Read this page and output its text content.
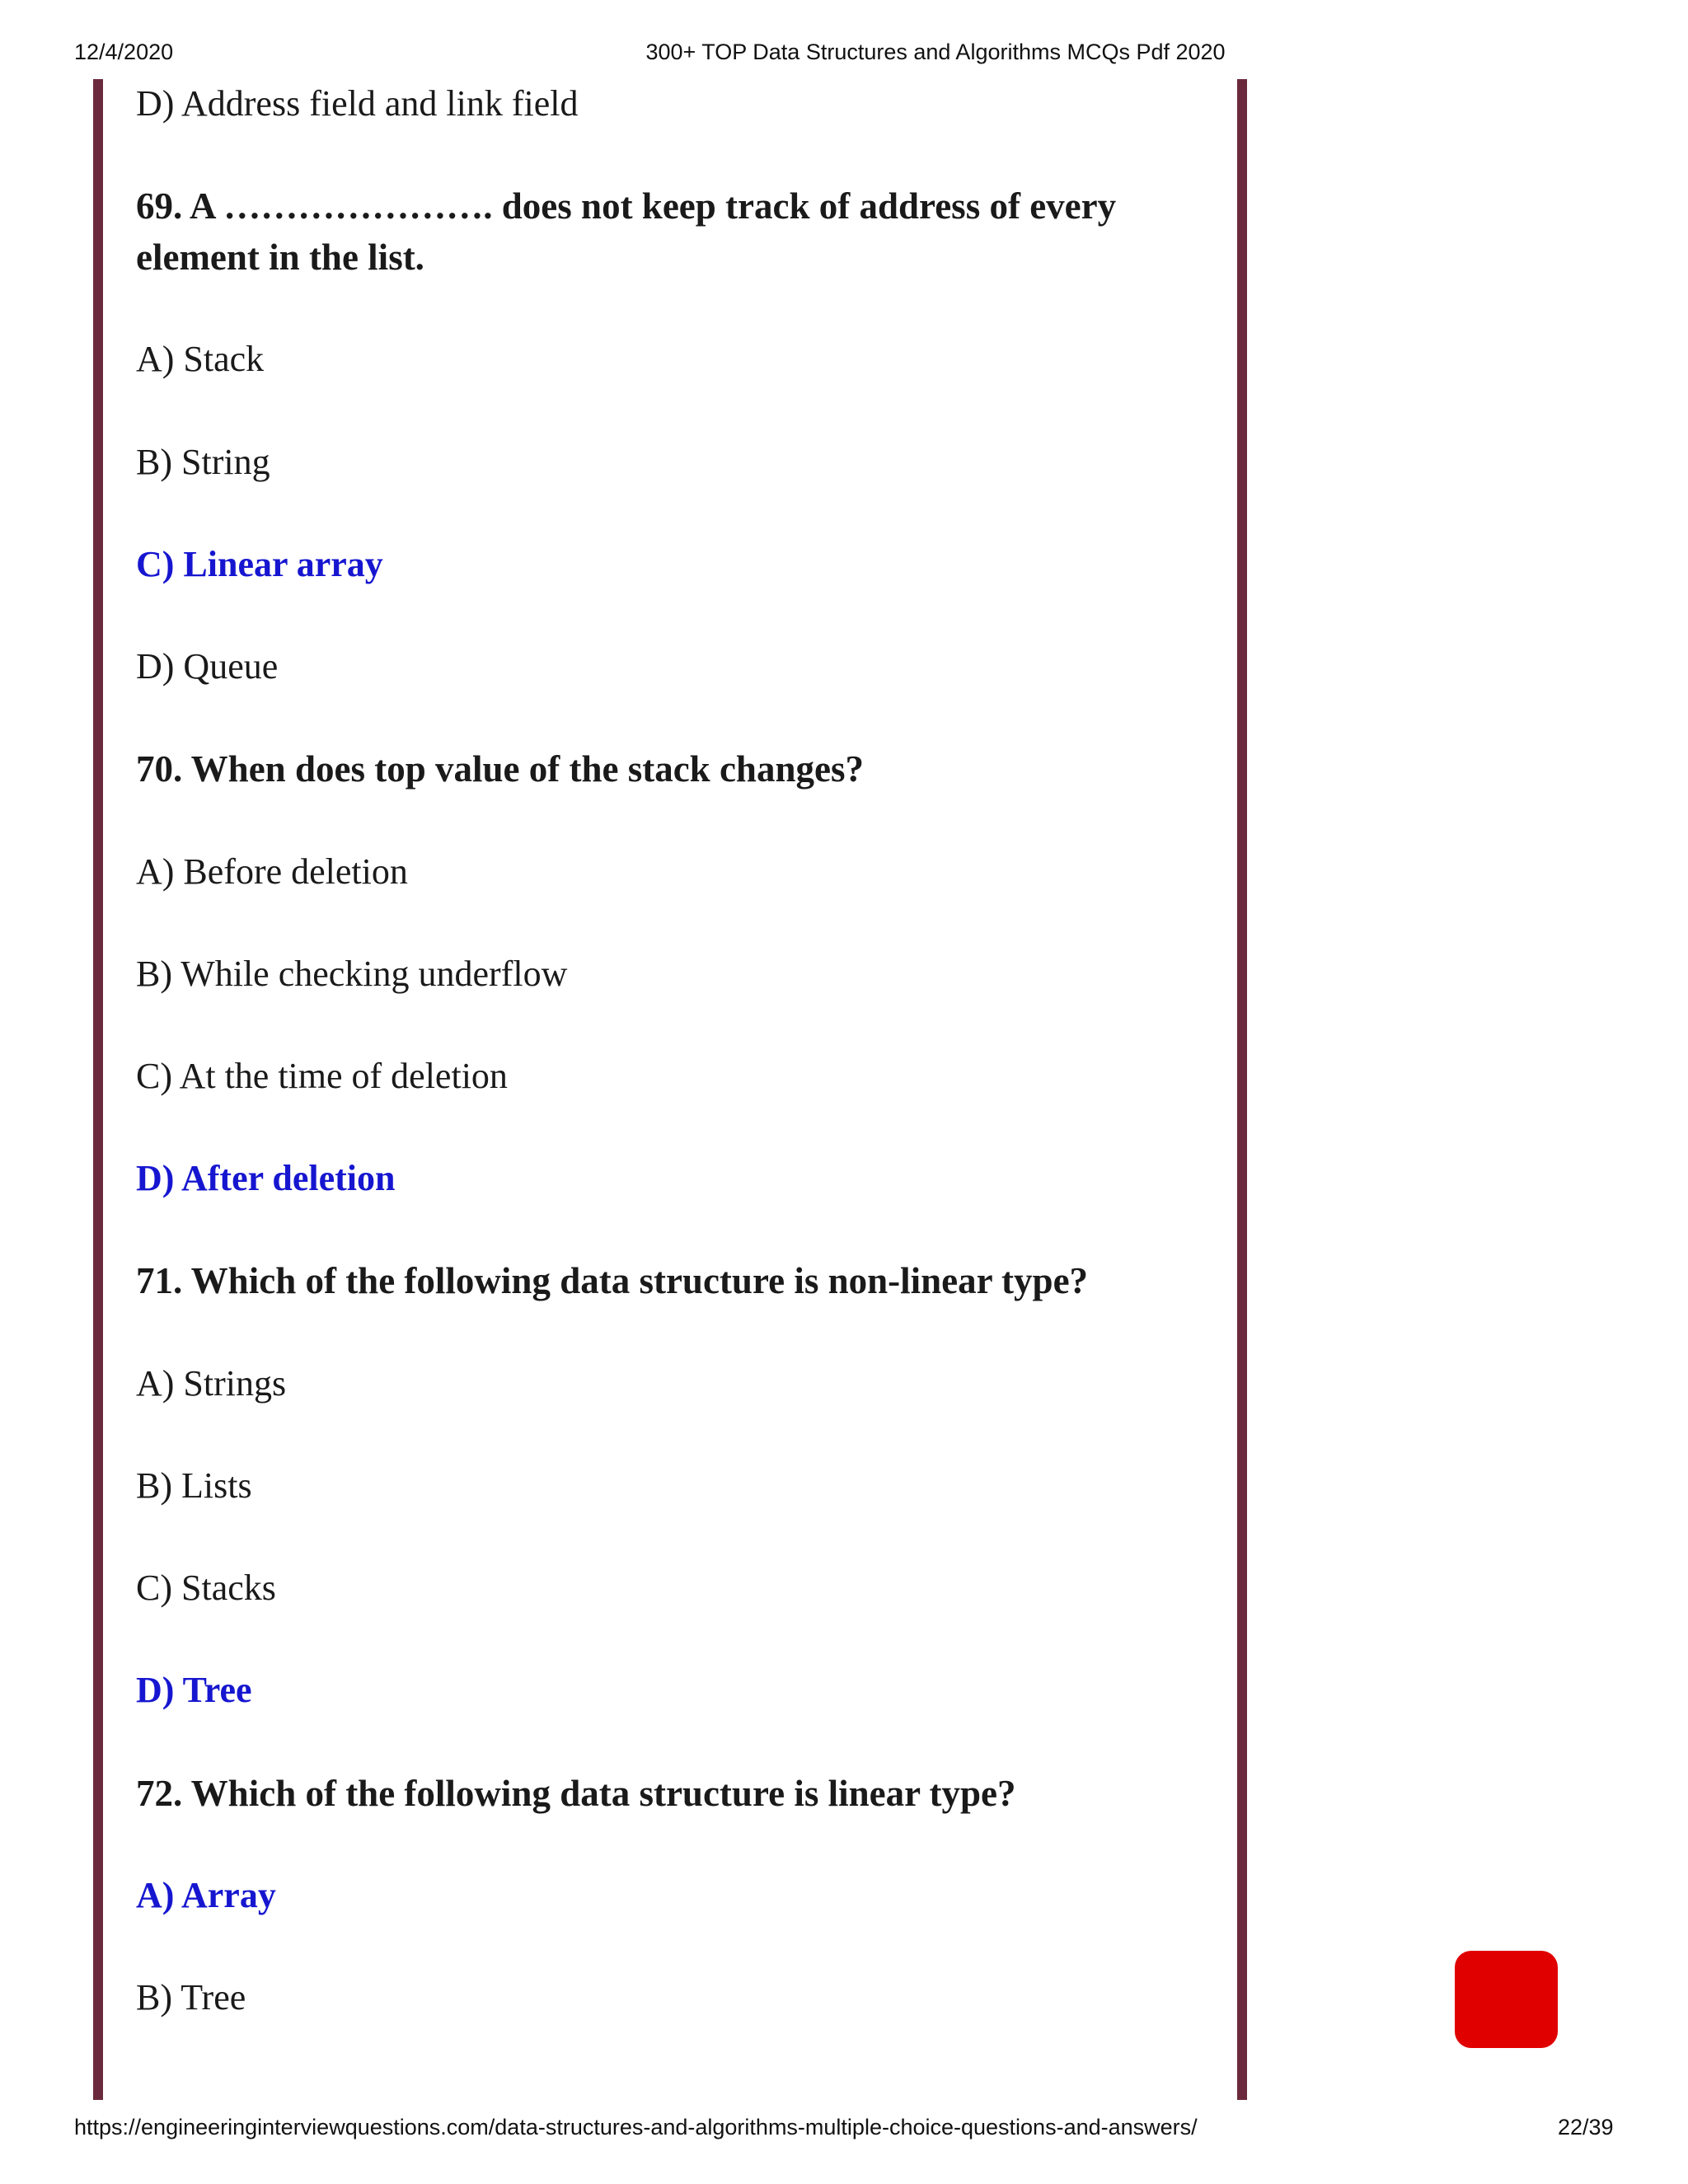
12/4/2020	300+ TOP Data Structures and Algorithms MCQs Pdf 2020
D) Address field and link field
69. A …………………. does not keep track of address of every
element in the list.
A) Stack
B) String
C) Linear array
D) Queue
70. When does top value of the stack changes?
A) Before deletion
B) While checking underflow
C) At the time of deletion
D) After deletion
71. Which of the following data structure is non-linear type?
A) Strings
B) Lists
C) Stacks
D) Tree
72. Which of the following data structure is linear type?
A) Array
B) Tree
https://engineeringinterviewquestions.com/data-structures-and-algorithms-multiple-choice-questions-and-answers/	22/39
